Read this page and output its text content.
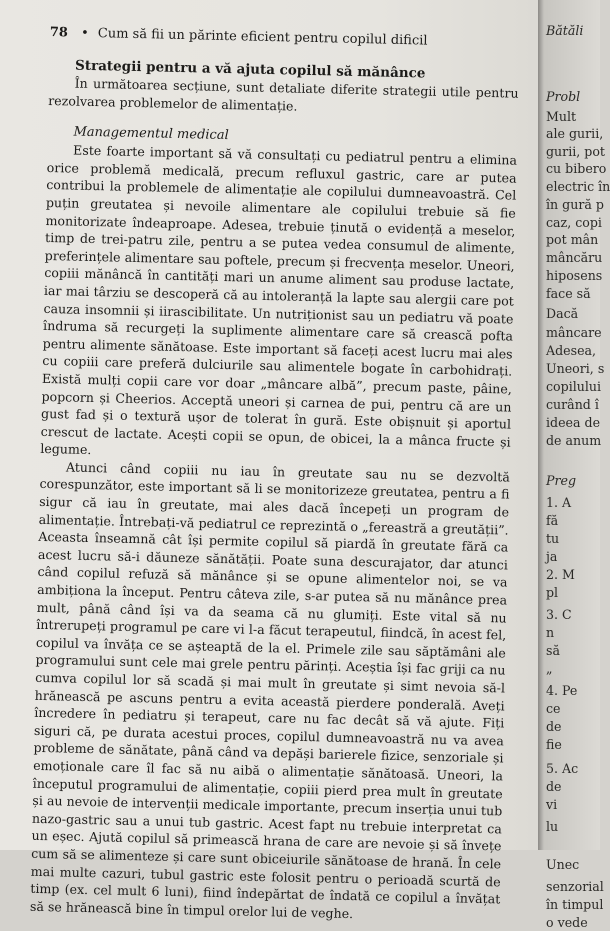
78 • Cum să fii un părinte eficient pentru copilul dificil
Strategii pentru a vă ajuta copilul să mănânce

În următoarea secțiune, sunt detaliate diferite strategii utile pentru rezolvarea problemelor de alimentație.

Managementul medical

Este foarte important să vă consultați cu pediatrul pentru a elimina orice problemă medicală, precum refluxul gastric, care ar putea contribui la problemele de alimentație ale copilului dumneavoastră. Cel puțin greutatea și nevoile alimentare ale copilului trebuie să fie monitorizate îndeaproape. Adesea, trebuie ținută o evidență a meselor, timp de trei-patru zile, pentru a se putea vedea consumul de alimente, preferințele alimentare sau poftele, precum și frecvența meselor. Uneori, copiii mănâncă în cantități mari un anume aliment sau produse lactate, iar mai târziu se descoperă că au intoleranță la lapte sau alergii care pot cauza insomnii și iirascibilitate. Un nutriționist sau un pediatru vă poate îndruma să recurgeți la suplimente alimentare care să crească pofta pentru alimente sănătoase. Este important să faceți acest lucru mai ales cu copiii care preferă dulciurile sau alimentele bogate în carbohidrați. Există mulți copii care vor doar „mâncare albă”, precum paste, pâine, popcorn și Cheerios. Acceptă uneori și carnea de pui, pentru că are un gust fad și o textură ușor de tolerat în gură. Este obișnuit și aportul crescut de lactate. Acești copii se opun, de obicei, la a mânca fructe și legume.

Atunci când copiii nu iau în greutate sau nu se dezvoltă corespunzător, este important să li se monitorizeze greutatea, pentru a fi sigur că iau în greutate, mai ales dacă începeți un program de alimentație. Întrebați-vă pediatrul ce reprezintă o „fereastră a greutății”. Aceasta înseamnă cât își permite copilul să piardă în greutate fără ca acest lucru să-i dăuneze sănătății. Poate suna descurajator, dar atunci când copilul refuză să mănânce și se opune alimentelor noi, se va ambiționa la început. Pentru câteva zile, s-ar putea să nu mănânce prea mult, până când își va da seama că nu glumiți. Este vital să nu întrerupeți programul pe care vi l-a făcut terapeutul, fiindcă, în acest fel, copilul va învăța ce se așteaptă de la el. Primele zile sau săptămâni ale programului sunt cele mai grele pentru părinți. Aceștia își fac griji ca nu cumva copilul lor să scadă și mai mult în greutate și simt nevoia să-l hrănească pe ascuns pentru a evita această pierdere ponderală. Aveți încredere în pediatru și terapeut, care nu fac decât să vă ajute. Fiți siguri că, pe durata acestui proces, copilul dumneavoastră nu va avea probleme de sănătate, până când va depăși barierele fizice, senzoriale și emoționale care îl fac să nu aibă o alimentație sănătoasă. Uneori, la începutul programului de alimentație, copiii pierd prea mult în greutate și au nevoie de intervenții medicale importante, precum inserția unui tub nazo-gastric sau a unui tub gastric. Acest fapt nu trebuie interpretat ca un eșec. Ajută copilul să primească hrana de care are nevoie și să învețe cum să se alimenteze și care sunt obiceiurile sănătoase de hrană. În cele mai multe cazuri, tubul gastric este folosit pentru o perioadă scurtă de timp (ex. cel mult 6 luni), fiind îndepărtat de îndată ce copilul a învățat să se hrănească bine în timpul orelor lui de veghe.

Bătăli
Probl
Mult
ale gurii,
gurii, pot
cu bibero
electric în
în gură p
caz, copi
pot mân
mâncăru
hiposens
face să
Dacă
mâncare
Adesea,
Uneori, s
copilului
curând î
ideea de
de anum
Preg
1. A
fă
tu
ja
2. M
pl
3. C
n
să
„
4. Pe
ce
de
fie
5. Ac
de
vi
lu
Unec
senzorial
în timpul
o vede
